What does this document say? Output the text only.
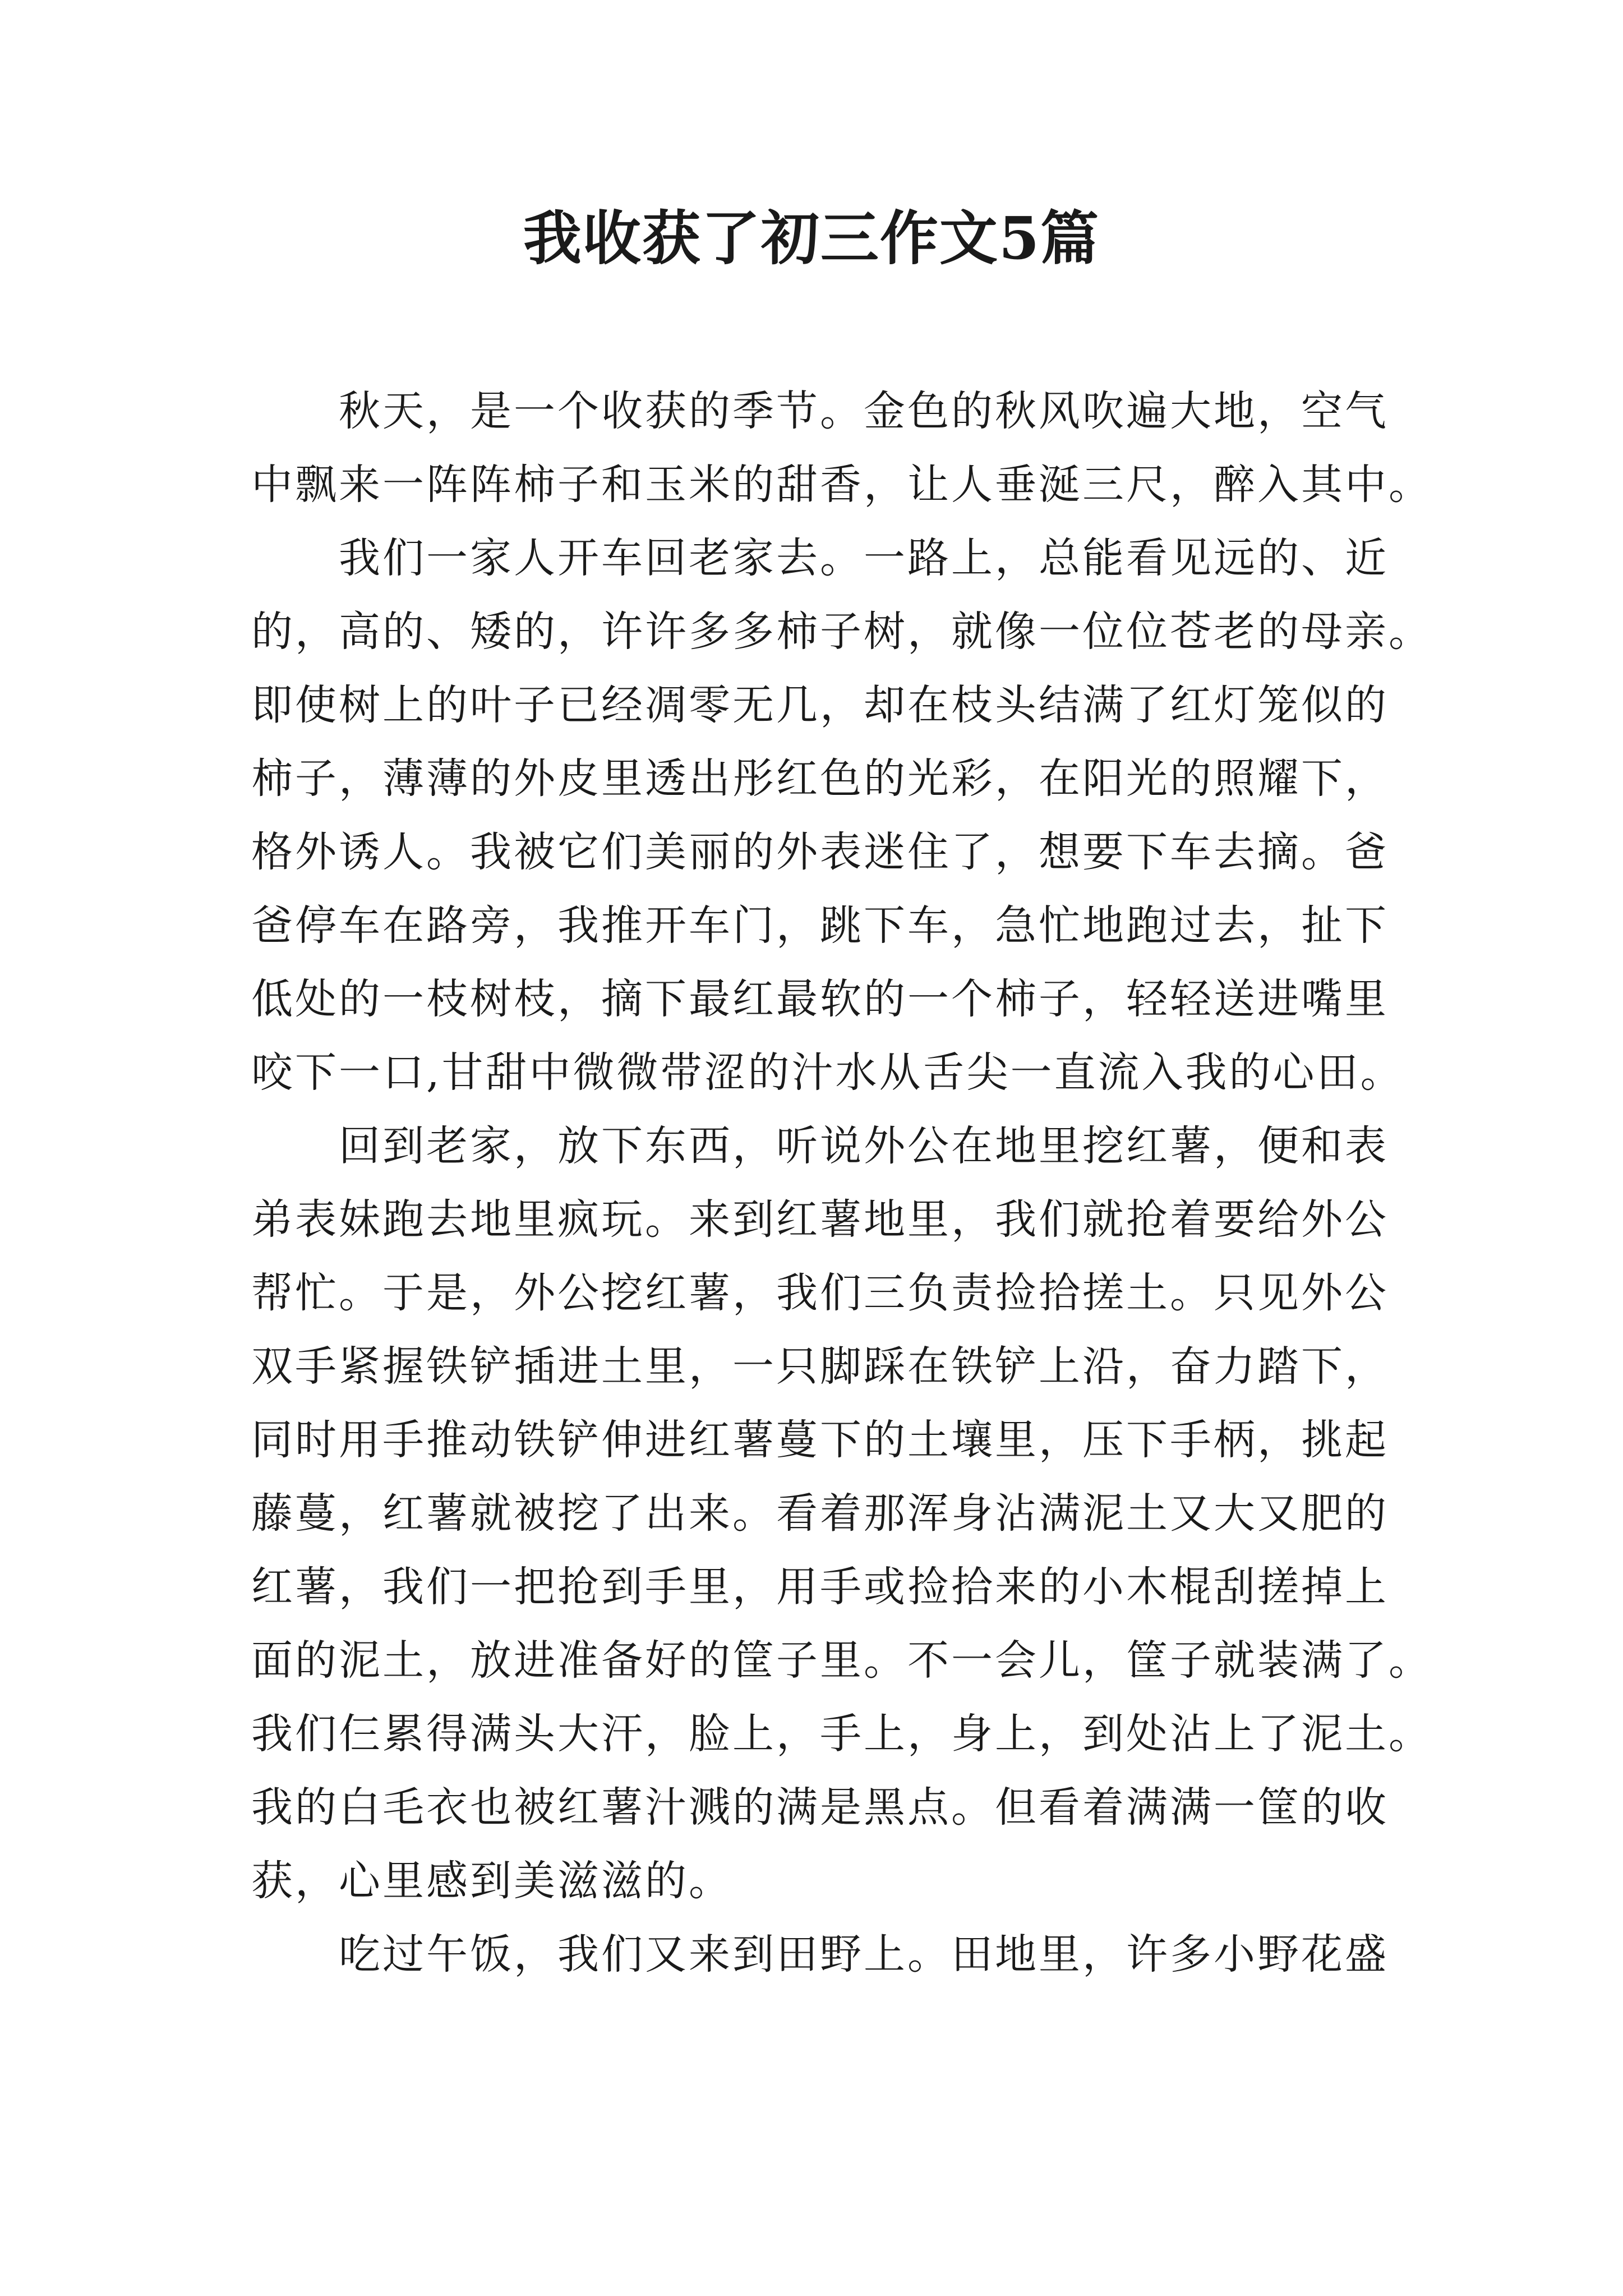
我收获了初三作文5篇

秋天，是一个收获的季节。金色的秋风吹遍大地，空气
中飘来一阵阵柿子和玉米的甜香，让人垂涎三尺，醉入其中。

我们一家人开车回老家去。一路上，总能看见远的、近
的，高的、矮的，许许多多柿子树，就像一位位苍老的母亲。
即使树上的叶子已经凋零无几，却在枝头结满了红灯笼似的
柿子，薄薄的外皮里透出彤红色的光彩，在阳光的照耀下，
格外诱人。我被它们美丽的外表迷住了，想要下车去摘。爸
爸停车在路旁，我推开车门，跳下车，急忙地跑过去，扯下
低处的一枝树枝，摘下最红最软的一个柿子，轻轻送进嘴里
咬下一口,甘甜中微微带涩的汁水从舌尖一直流入我的心田。

回到老家，放下东西，听说外公在地里挖红薯，便和表
弟表妹跑去地里疯玩。来到红薯地里，我们就抢着要给外公
帮忙。于是，外公挖红薯，我们三负责捡拾搓土。只见外公
双手紧握铁铲插进土里，一只脚踩在铁铲上沿，奋力踏下，
同时用手推动铁铲伸进红薯蔓下的土壤里，压下手柄，挑起
藤蔓，红薯就被挖了出来。看着那浑身沾满泥土又大又肥的
红薯，我们一把抢到手里，用手或捡拾来的小木棍刮搓掉上
面的泥土，放进准备好的筐子里。不一会儿，筐子就装满了。
我们仨累得满头大汗，脸上，手上，身上，到处沾上了泥土。
我的白毛衣也被红薯汁溅的满是黑点。但看着满满一筐的收
获，心里感到美滋滋的。

吃过午饭，我们又来到田野上。田地里，许多小野花盛
